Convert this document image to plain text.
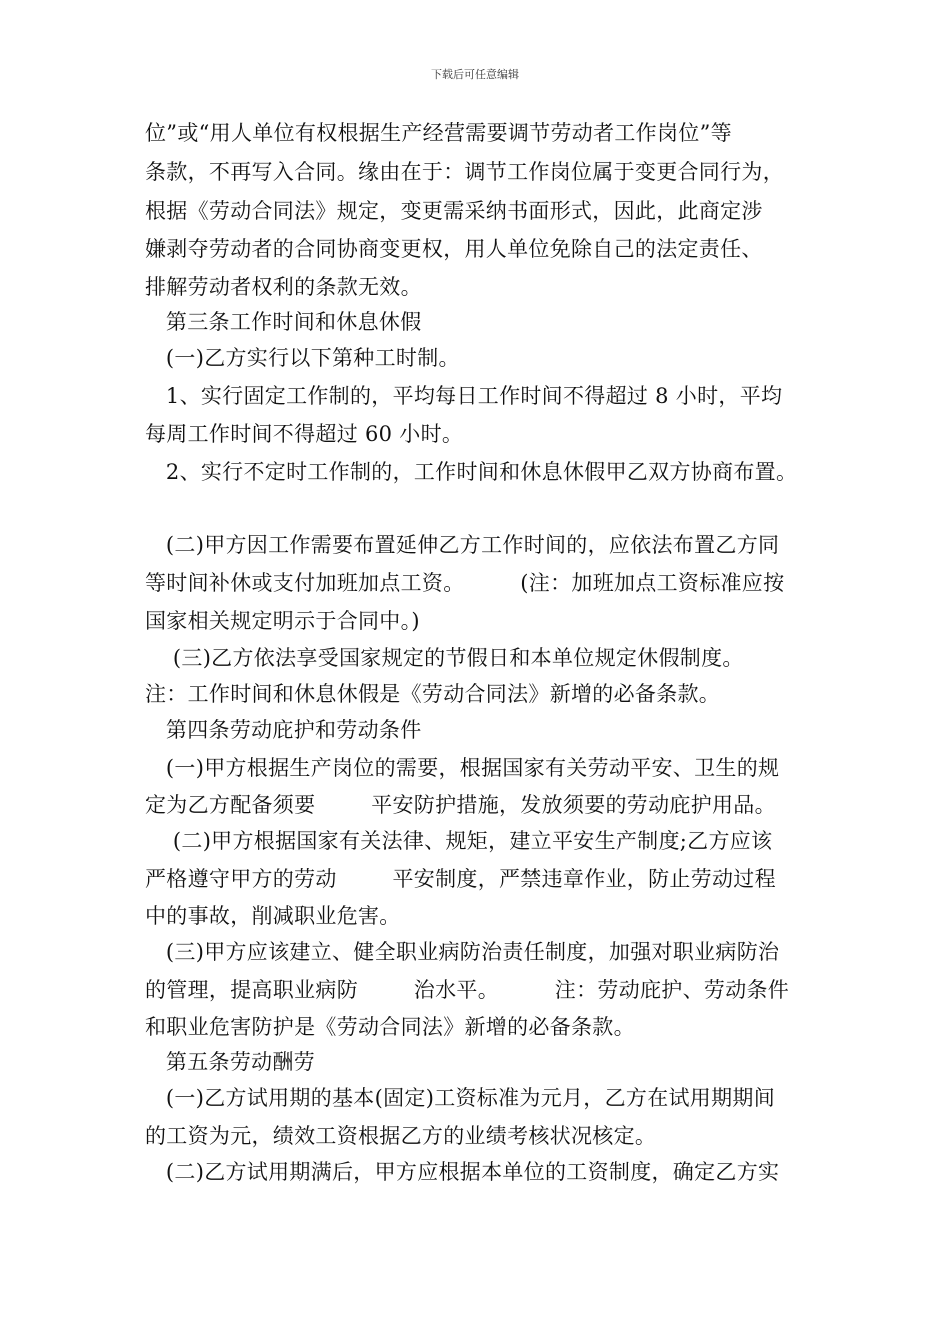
下载后可任意编辑
位”或“用人单位有权根据生产经营需要调节劳动者工作岗位”等
条款，不再写入合同。缘由在于：调节工作岗位属于变更合同行为，
根据《劳动合同法》规定，变更需采纳书面形式，因此，此商定涉
嫌剥夺劳动者的合同协商变更权，用人单位免除自己的法定责任、
排解劳动者权利的条款无效。
第三条工作时间和休息休假
(一)乙方实行以下第种工时制。
1、实行固定工作制的，平均每日工作时间不得超过 8 小时，平均
每周工作时间不得超过 60 小时。
2、实行不定时工作制的，工作时间和休息休假甲乙双方协商布置。
(二)甲方因工作需要布置延伸乙方工作时间的，应依法布置乙方同
等时间补休或支付加班加点工资。        (注：加班加点工资标准应按
国家相关规定明示于合同中。)
(三)乙方依法享受国家规定的节假日和本单位规定休假制度。
注：工作时间和休息休假是《劳动合同法》新增的必备条款。
第四条劳动庇护和劳动条件
(一)甲方根据生产岗位的需要，根据国家有关劳动平安、卫生的规
定为乙方配备须要        平安防护措施，发放须要的劳动庇护用品。
(二)甲方根据国家有关法律、规矩，建立平安生产制度;乙方应该
严格遵守甲方的劳动        平安制度，严禁违章作业，防止劳动过程
中的事故，削减职业危害。
(三)甲方应该建立、健全职业病防治责任制度，加强对职业病防治
的管理，提高职业病防        治水平。        注：劳动庇护、劳动条件
和职业危害防护是《劳动合同法》新增的必备条款。
第五条劳动酬劳
(一)乙方试用期的基本(固定)工资标准为元月，乙方在试用期期间
的工资为元，绩效工资根据乙方的业绩考核状况核定。
(二)乙方试用期满后，甲方应根据本单位的工资制度，确定乙方实
